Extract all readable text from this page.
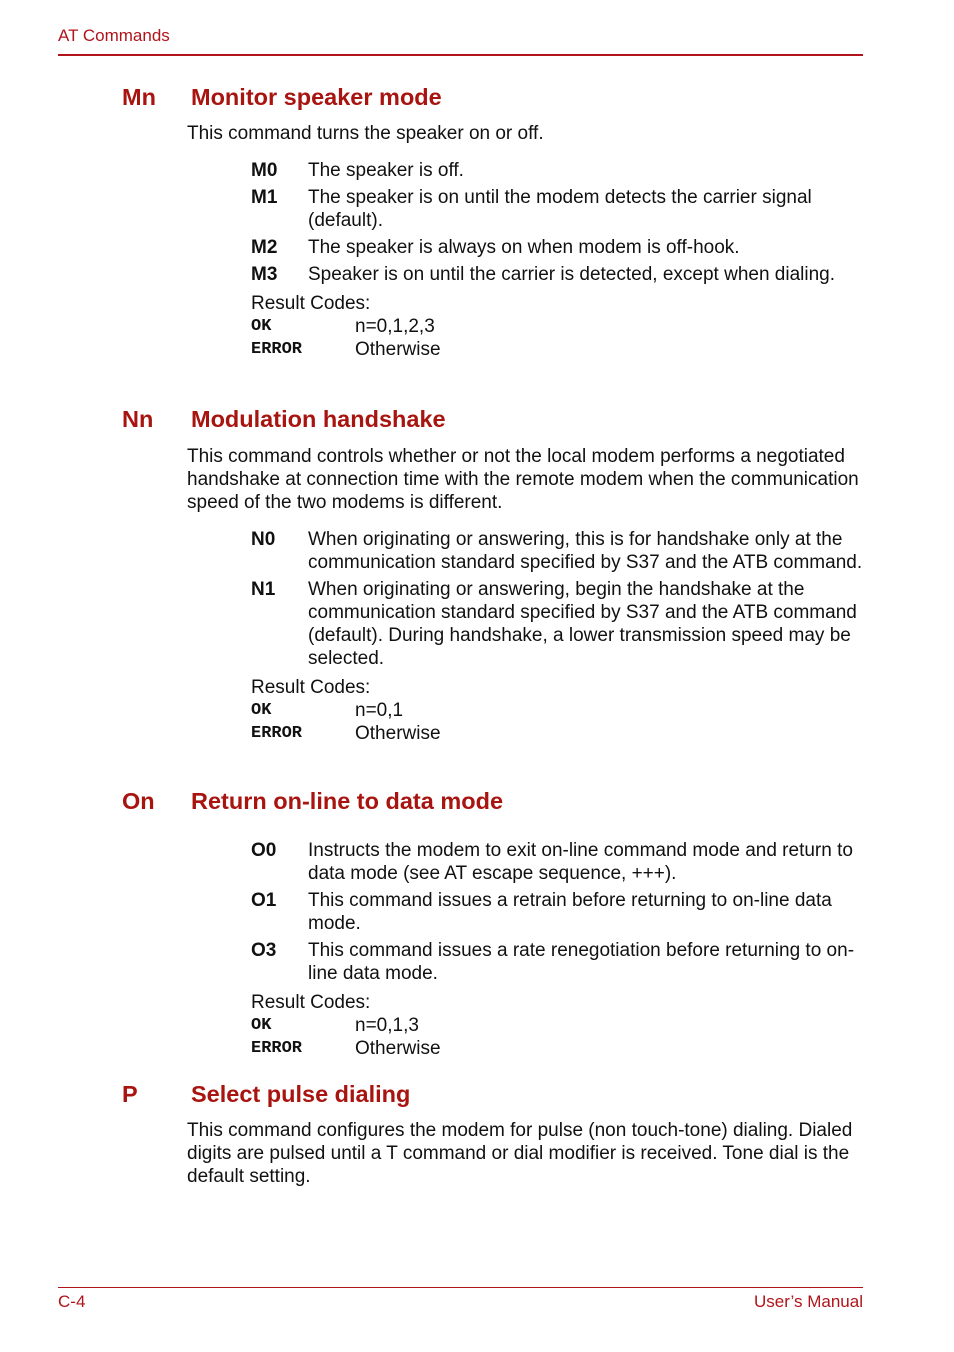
AT Commands
Mn Monitor speaker mode
This command turns the speaker on or off.
M0	The speaker is off.
M1	The speaker is on until the modem detects the carrier signal (default).
M2	The speaker is always on when modem is off-hook.
M3	Speaker is on until the carrier is detected, except when dialing.
Result Codes:
OK	n=0,1,2,3
ERROR	Otherwise
Nn Modulation handshake
This command controls whether or not the local modem performs a negotiated handshake at connection time with the remote modem when the communication speed of the two modems is different.
N0	When originating or answering, this is for handshake only at the communication standard specified by S37 and the ATB command.
N1	When originating or answering, begin the handshake at the communication standard specified by S37 and the ATB command (default). During handshake, a lower transmission speed may be selected.
Result Codes:
OK	n=0,1
ERROR	Otherwise
On Return on-line to data mode
O0	Instructs the modem to exit on-line command mode and return to data mode (see AT escape sequence, +++).
O1	This command issues a retrain before returning to on-line data mode.
O3	This command issues a rate renegotiation before returning to on-line data mode.
Result Codes:
OK	n=0,1,3
ERROR	Otherwise
P Select pulse dialing
This command configures the modem for pulse (non touch-tone) dialing. Dialed digits are pulsed until a T command or dial modifier is received. Tone dial is the default setting.
C-4	User’s Manual
